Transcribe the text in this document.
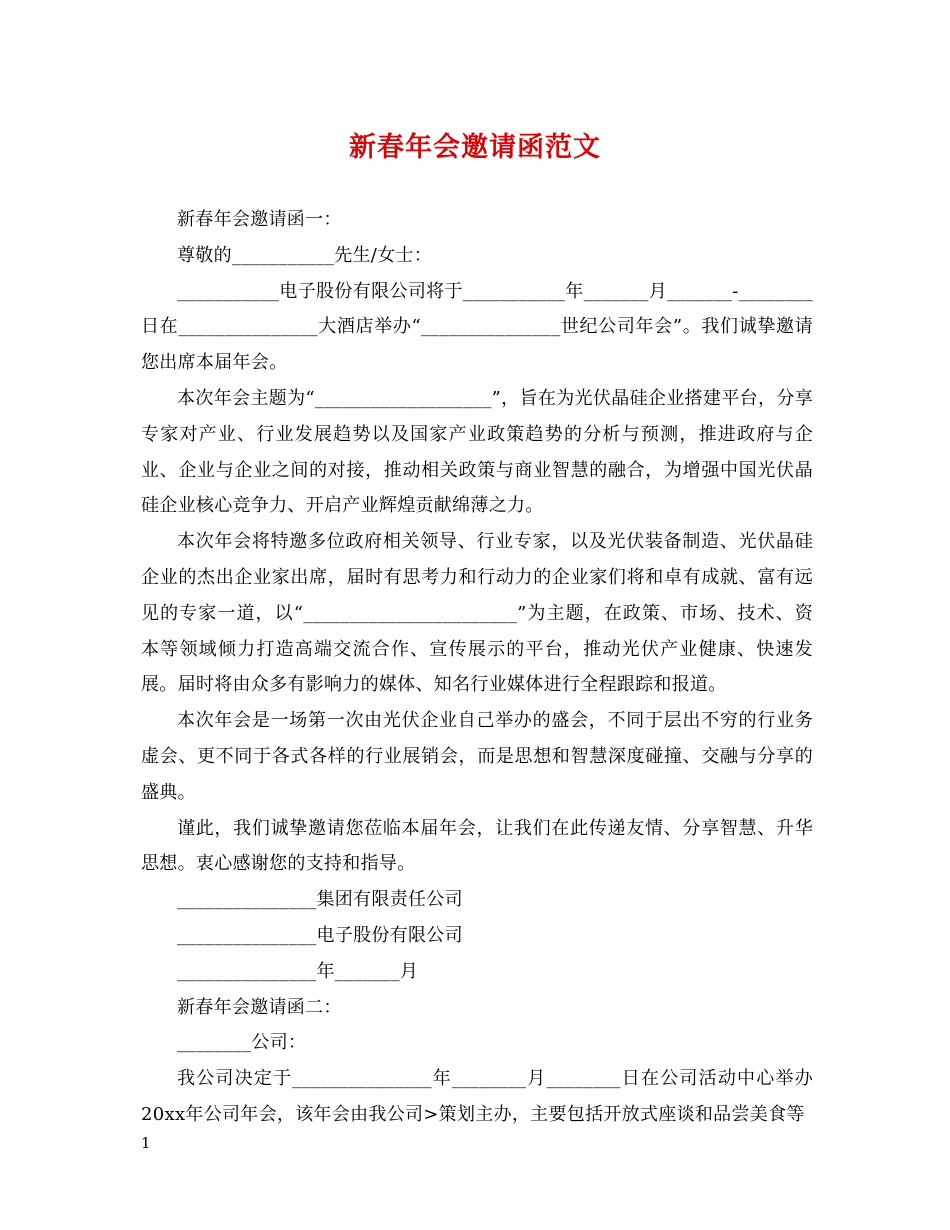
新春年会邀请函范文

新春年会邀请函一：

尊敬的___________先生/女士：

___________电子股份有限公司将于___________年_______月_______-________日在_______________大酒店举办“_______________世纪公司年会”。我们诚挚邀请您出席本届年会。

本次年会主题为“___________________”，旨在为光伏晶硅企业搭建平台，分享专家对产业、行业发展趋势以及国家产业政策趋势的分析与预测，推进政府与企业、企业与企业之间的对接，推动相关政策与商业智慧的融合，为增强中国光伏晶硅企业核心竞争力、开启产业辉煌贡献绵薄之力。

本次年会将特邀多位政府相关领导、行业专家，以及光伏装备制造、光伏晶硅企业的杰出企业家出席，届时有思考力和行动力的企业家们将和卓有成就、富有远见的专家一道，以“_______________________”为主题，在政策、市场、技术、资本等领域倾力打造高端交流合作、宣传展示的平台，推动光伏产业健康、快速发展。届时将由众多有影响力的媒体、知名行业媒体进行全程跟踪和报道。

本次年会是一场第一次由光伏企业自己举办的盛会，不同于层出不穷的行业务虚会、更不同于各式各样的行业展销会，而是思想和智慧深度碰撞、交融与分享的盛典。

谨此，我们诚挚邀请您莅临本届年会，让我们在此传递友情、分享智慧、升华思想。衷心感谢您的支持和指导。

_______________集团有限责任公司

_______________电子股份有限公司

_______________年_______月

新春年会邀请函二：

________公司：

我公司决定于_______________年________月________日在公司活动中心举办20xx年公司年会，该年会由我公司>策划主办，主要包括开放式座谈和品尝美食等

1
